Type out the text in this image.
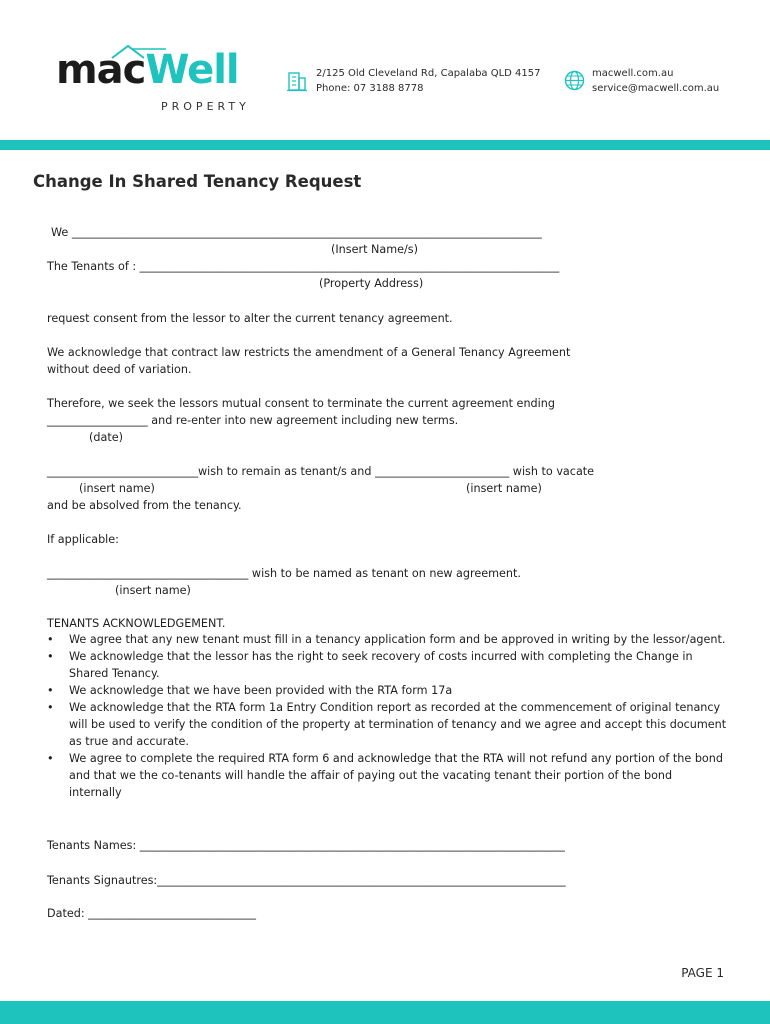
macWell
PROPERTY
2/125 Old Cleveland Rd, Capalaba QLD 4157
Phone: 07 3188 8778
macwell.com.au
service@macwell.com.au
Change In Shared Tenancy Request
We ____________________________________________________________________________________
(Insert Name/s)
The Tenants of : ___________________________________________________________________________
(Property Address)
request consent from the lessor to alter the current tenancy agreement.
We acknowledge that contract law restricts the amendment of a General Tenancy Agreement
without deed of variation.
Therefore, we seek the lessors mutual consent to terminate the current agreement ending
__________________ and re-enter into new agreement including new terms.
(date)
___________________________wish to remain as tenant/s and ________________________ wish to vacate
(insert name)	(insert name)
and be absolved from the tenancy.
If applicable:
____________________________________ wish to be named as tenant on new agreement.
(insert name)
TENANTS ACKNOWLEDGEMENT.
• We agree that any new tenant must fill in a tenancy application form and be approved in writing by the lessor/agent.
• We acknowledge that the lessor has the right to seek recovery of costs incurred with completing the Change in Shared Tenancy.
• We acknowledge that we have been provided with the RTA form 17a
• We acknowledge that the RTA form 1a Entry Condition report as recorded at the commencement of original tenancy will be used to verify the condition of the property at termination of tenancy and we agree and accept this document as true and accurate.
• We agree to complete the required RTA form 6 and acknowledge that the RTA will not refund any portion of the bond and that we the co-tenants will handle the affair of paying out the vacating tenant their portion of the bond internally
Tenants Names: ____________________________________________________________________________
Tenants Signautres:_________________________________________________________________________
Dated: ______________________________
PAGE 1
